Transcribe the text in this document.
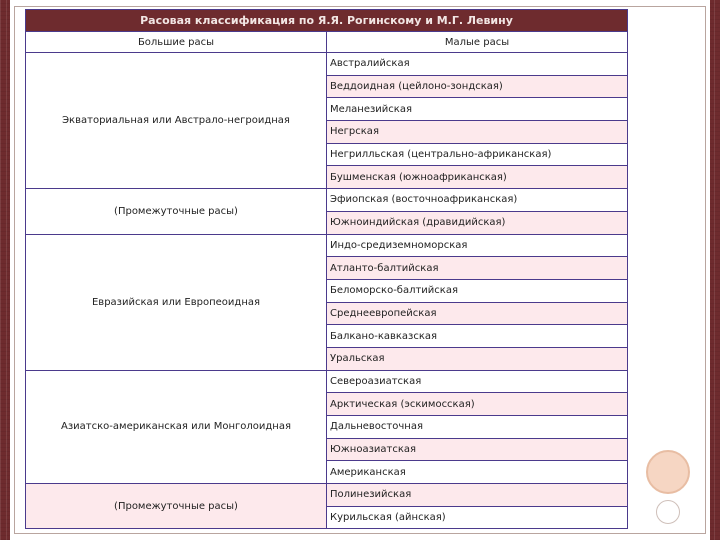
Расовая классификация по Я.Я. Рогинскому и М.Г. Левину	
Большие расы	Малые расы
Экваториальная или Австрало-негроидная	Австралийская
	Веддоидная (цейлоно-зондская)
	Меланезийская
	Негрская
	Негрилльская (центрально-африканская)
	Бушменская (южноафриканская)
(Промежуточные расы)	Эфиопская (восточноафриканская)
	Южноиндийская (дравидийская)
Евразийская или Европеоидная	Индо-средиземноморская
	Атланто-балтийская
	Беломорско-балтийская
	Среднеевропейская
	Балкано-кавказская
	Уральская
Азиатско-американская или Монголоидная	Североазиатская
	Арктическая (эскимосская)
	Дальневосточная
	Южноазиатская
	Американская
(Промежуточные расы)	Полинезийская
	Курильская (айнская)
